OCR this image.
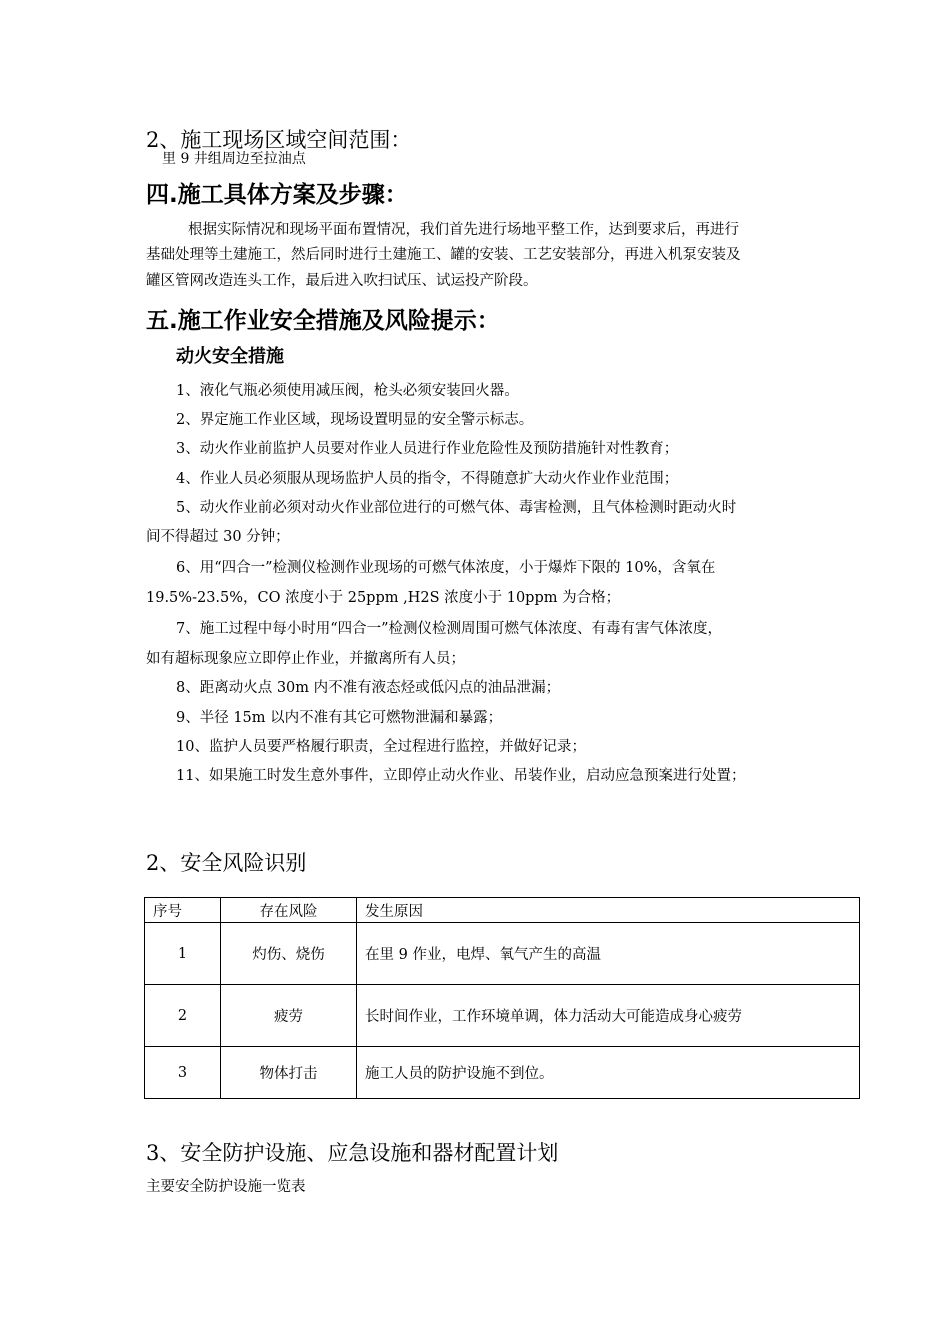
2、施工现场区域空间范围：
里 9 井组周边至拉油点
四.施工具体方案及步骤：
根据实际情况和现场平面布置情况，我们首先进行场地平整工作，达到要求后，再进行
基础处理等土建施工，然后同时进行土建施工、罐的安装、工艺安装部分，再进入机泵安装及
罐区管网改造连头工作，最后进入吹扫试压、试运投产阶段。
五.施工作业安全措施及风险提示：
动火安全措施
1、液化气瓶必须使用减压阀，枪头必须安装回火器。
2、界定施工作业区域，现场设置明显的安全警示标志。
3、动火作业前监护人员要对作业人员进行作业危险性及预防措施针对性教育；
4、作业人员必须服从现场监护人员的指令，不得随意扩大动火作业作业范围；
5、动火作业前必须对动火作业部位进行的可燃气体、毒害检测，且气体检测时距动火时
间不得超过 30 分钟；
6、用“四合一”检测仪检测作业现场的可燃气体浓度，小于爆炸下限的 10%，含氧在
19.5%-23.5%，CO 浓度小于 25ppm ,H2S 浓度小于 10ppm 为合格；
7、施工过程中每小时用“四合一”检测仪检测周围可燃气体浓度、有毒有害气体浓度，
如有超标现象应立即停止作业，并撤离所有人员；
8、距离动火点 30m 内不准有液态烃或低闪点的油品泄漏；
9、半径 15m 以内不准有其它可燃物泄漏和暴露；
10、监护人员要严格履行职责，全过程进行监控，并做好记录；
11、如果施工时发生意外事件，立即停止动火作业、吊装作业，启动应急预案进行处置；
2、安全风险识别
序号	存在风险	发生原因
1	灼伤、烧伤	在里 9 作业，电焊、氧气产生的高温
2	疲劳	长时间作业，工作环境单调，体力活动大可能造成身心疲劳
3	物体打击	施工人员的防护设施不到位。
3、安全防护设施、应急设施和器材配置计划
主要安全防护设施一览表
